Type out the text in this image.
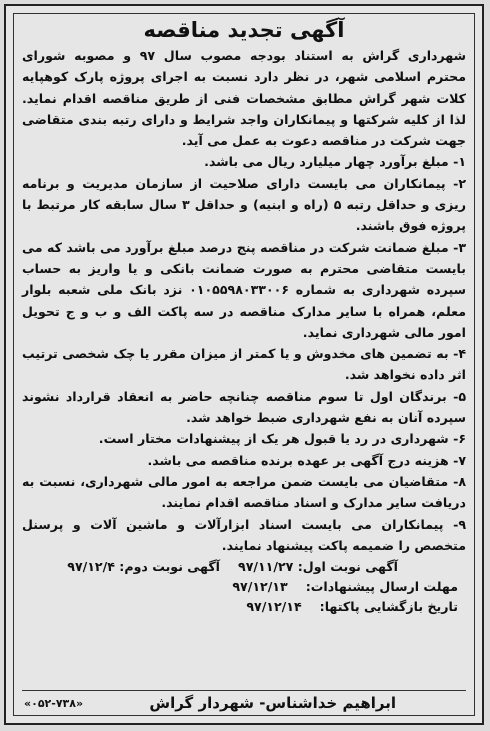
آگهی تجدید مناقصه

شهرداری گراش به استناد بودجه مصوب سال ۹۷ و مصوبه شورای محترم اسلامی شهر، در نظر دارد نسبت به اجرای پروژه پارک کوهپایه کلات شهر گراش مطابق مشخصات فنی از طریق مناقصه اقدام نماید. لذا از کلیه شرکتها و پیمانکاران واجد شرایط و دارای رتبه بندی متقاضی جهت شرکت در مناقصه دعوت به عمل می آید.

۱- مبلغ برآورد چهار میلیارد ریال می باشد.

۲- پیمانکاران می بایست دارای صلاحیت از سازمان مدیریت و برنامه ریزی و حداقل رتبه ۵ (راه و ابنیه) و حداقل ۳ سال سابقه کار مرتبط با پروژه فوق باشند.

۳- مبلغ ضمانت شرکت در مناقصه پنج درصد مبلغ برآورد می باشد که می بایست متقاضی محترم به صورت ضمانت بانکی و یا واریز به حساب سپرده شهرداری به شماره ۰۱۰۵۵۹۸۰۳۳۰۰۶ نزد بانک ملی شعبه بلوار معلم، همراه با سایر مدارک مناقصه در سه پاکت الف و ب و ج تحویل امور مالی شهرداری نماید.

۴- به تضمین های مخدوش و یا کمتر از میزان مقرر یا چک شخصی ترتیب اثر داده نخواهد شد.

۵- برندگان اول تا سوم مناقصه چنانچه حاضر به انعقاد قرارداد نشوند سپرده آنان به نفع شهرداری ضبط خواهد شد.

۶- شهرداری در رد یا قبول هر یک از پیشنهادات مختار است.

۷- هزینه درج آگهی بر عهده برنده مناقصه می باشد.

۸- متقاضیان می بایست ضمن مراجعه به امور مالی شهرداری، نسبت به دریافت سایر مدارک و اسناد مناقصه اقدام نمایند.

۹- پیمانکاران می بایست اسناد ابزارآلات و ماشین آلات و پرسنل متخصص را ضمیمه پاکت پیشنهاد نمایند.

آگهی نوبت اول: ۹۷/۱۱/۲۷
آگهی نوبت دوم: ۹۷/۱۲/۴
مهلت ارسال پیشنهادات:
۹۷/۱۲/۱۳
تاریخ بازگشایی پاکتها:
۹۷/۱۲/۱۴
ابراهیم خداشناس- شهردار گراش
«۰۵۲-۷۳۸»
